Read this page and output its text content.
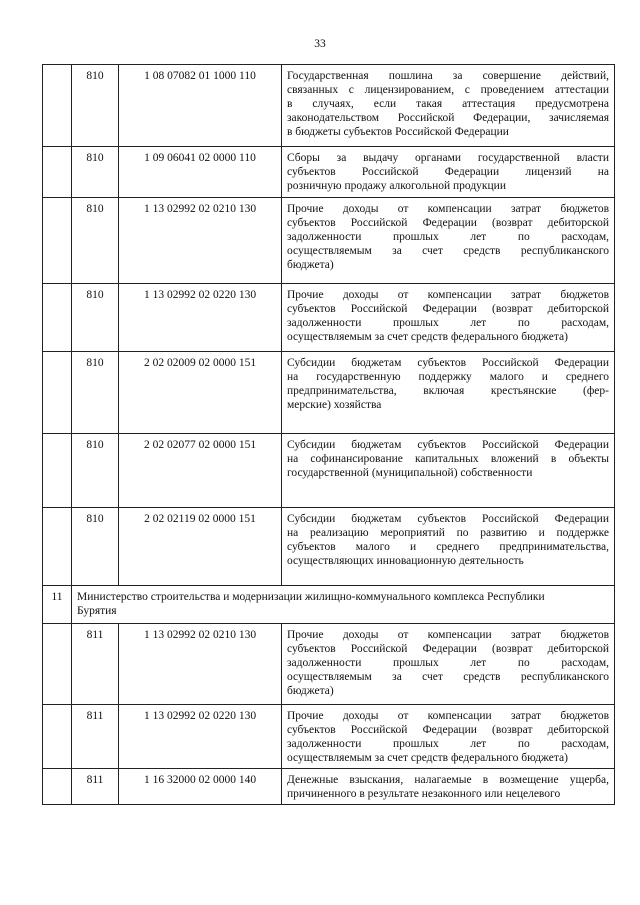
33
	810	1 08 07082 01 1000 110	Государственная пошлина за совершение действий,
связанных с лицензированием, с проведением аттестации
в случаях, если такая аттестация предусмотрена
законодательством Российской Федерации, зачисляемая
в бюджеты субъектов Российской Федерации

	810	1 09 06041 02 0000 110	Сборы за выдачу органами государственной власти
субъектов Российской Федерации лицензий на
розничную продажу алкогольной продукции

	810	1 13 02992 02 0210 130	Прочие доходы от компенсации затрат бюджетов
субъектов Российской Федерации (возврат дебиторской
задолженности прошлых лет по расходам,
осуществляемым за счет средств республиканского
бюджета)

	810	1 13 02992 02 0220 130	Прочие доходы от компенсации затрат бюджетов
субъектов Российской Федерации (возврат дебиторской
задолженности прошлых лет по расходам,
осуществляемым за счет средств федерального бюджета)

	810	2 02 02009 02 0000 151	Субсидии бюджетам субъектов Российской Федерации
на государственную поддержку малого и среднего
предпринимательства, включая крестьянские (фер-
мерские) хозяйства

	810	2 02 02077 02 0000 151	Субсидии бюджетам субъектов Российской Федерации
на софинансирование капитальных вложений в объекты
государственной (муниципальной) собственности

	810	2 02 02119 02 0000 151	Субсидии бюджетам субъектов Российской Федерации
на реализацию мероприятий по развитию и поддержке
субъектов малого и среднего предпринимательства,
осуществляющих инновационную деятельность

11	Министерство строительства и модернизации жилищно-коммунального комплекса Республики
Бурятия		

	811	1 13 02992 02 0210 130	Прочие доходы от компенсации затрат бюджетов
субъектов Российской Федерации (возврат дебиторской
задолженности прошлых лет по расходам,
осуществляемым за счет средств республиканского
бюджета)

	811	1 13 02992 02 0220 130	Прочие доходы от компенсации затрат бюджетов
субъектов Российской Федерации (возврат дебиторской
задолженности прошлых лет по расходам,
осуществляемым за счет средств федерального бюджета)

	811	1 16 32000 02 0000 140	Денежные взыскания, налагаемые в возмещение ущерба,
причиненного в результате незаконного или нецелевого
